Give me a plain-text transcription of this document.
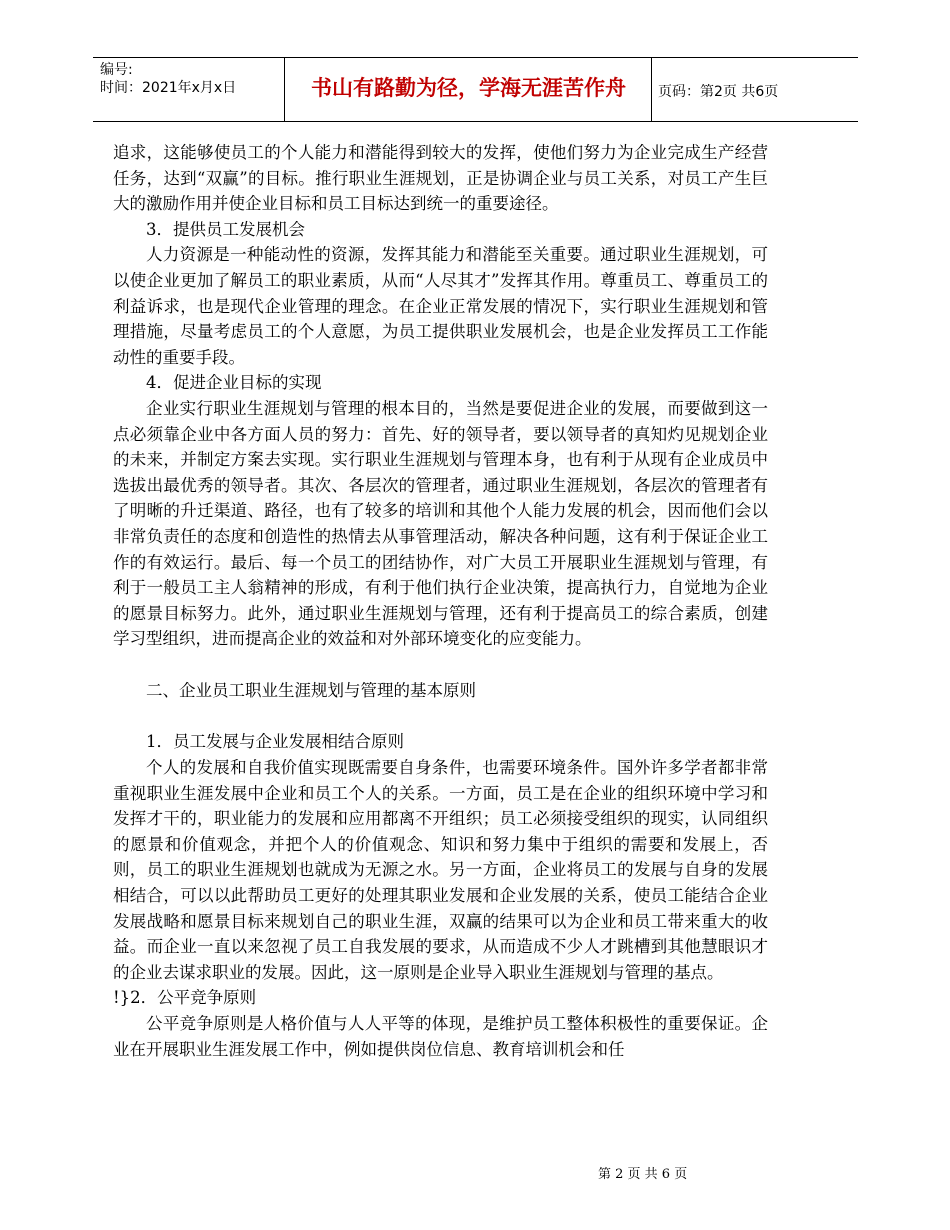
编号:
时间：2021年x月x日	书山有路勤为径，学海无涯苦作舟	页码：第2页 共6页

追求，这能够使员工的个人能力和潜能得到较大的发挥，使他们努力为企业完成生产经营任务，达到“双赢”的目标。推行职业生涯规划，正是协调企业与员工关系，对员工产生巨大的激励作用并使企业目标和员工目标达到统一的重要途径。

3．提供员工发展机会

人力资源是一种能动性的资源，发挥其能力和潜能至关重要。通过职业生涯规划，可以使企业更加了解员工的职业素质，从而“人尽其才”发挥其作用。尊重员工、尊重员工的利益诉求，也是现代企业管理的理念。在企业正常发展的情况下，实行职业生涯规划和管理措施，尽量考虑员工的个人意愿，为员工提供职业发展机会，也是企业发挥员工工作能动性的重要手段。

4．促进企业目标的实现

企业实行职业生涯规划与管理的根本目的，当然是要促进企业的发展，而要做到这一点必须靠企业中各方面人员的努力：首先、好的领导者，要以领导者的真知灼见规划企业的未来，并制定方案去实现。实行职业生涯规划与管理本身，也有利于从现有企业成员中选拔出最优秀的领导者。其次、各层次的管理者，通过职业生涯规划，各层次的管理者有了明晰的升迁渠道、路径，也有了较多的培训和其他个人能力发展的机会，因而他们会以非常负责任的态度和创造性的热情去从事管理活动，解决各种问题，这有利于保证企业工作的有效运行。最后、每一个员工的团结协作，对广大员工开展职业生涯规划与管理，有利于一般员工主人翁精神的形成，有利于他们执行企业决策，提高执行力，自觉地为企业的愿景目标努力。此外，通过职业生涯规划与管理，还有利于提高员工的综合素质，创建学习型组织，进而提高企业的效益和对外部环境变化的应变能力。

二、企业员工职业生涯规划与管理的基本原则

1．员工发展与企业发展相结合原则

个人的发展和自我价值实现既需要自身条件，也需要环境条件。国外许多学者都非常重视职业生涯发展中企业和员工个人的关系。一方面，员工是在企业的组织环境中学习和发挥才干的，职业能力的发展和应用都离不开组织；员工必须接受组织的现实，认同组织的愿景和价值观念，并把个人的价值观念、知识和努力集中于组织的需要和发展上，否则，员工的职业生涯规划也就成为无源之水。另一方面，企业将员工的发展与自身的发展相结合，可以以此帮助员工更好的处理其职业发展和企业发展的关系，使员工能结合企业发展战略和愿景目标来规划自己的职业生涯，双赢的结果可以为企业和员工带来重大的收益。而企业一直以来忽视了员工自我发展的要求，从而造成不少人才跳槽到其他慧眼识才的企业去谋求职业的发展。因此，这一原则是企业导入职业生涯规划与管理的基点。

!}2．公平竞争原则

公平竞争原则是人格价值与人人平等的体现，是维护员工整体积极性的重要保证。企业在开展职业生涯发展工作中，例如提供岗位信息、教育培训机会和任

第 2 页 共 6 页
